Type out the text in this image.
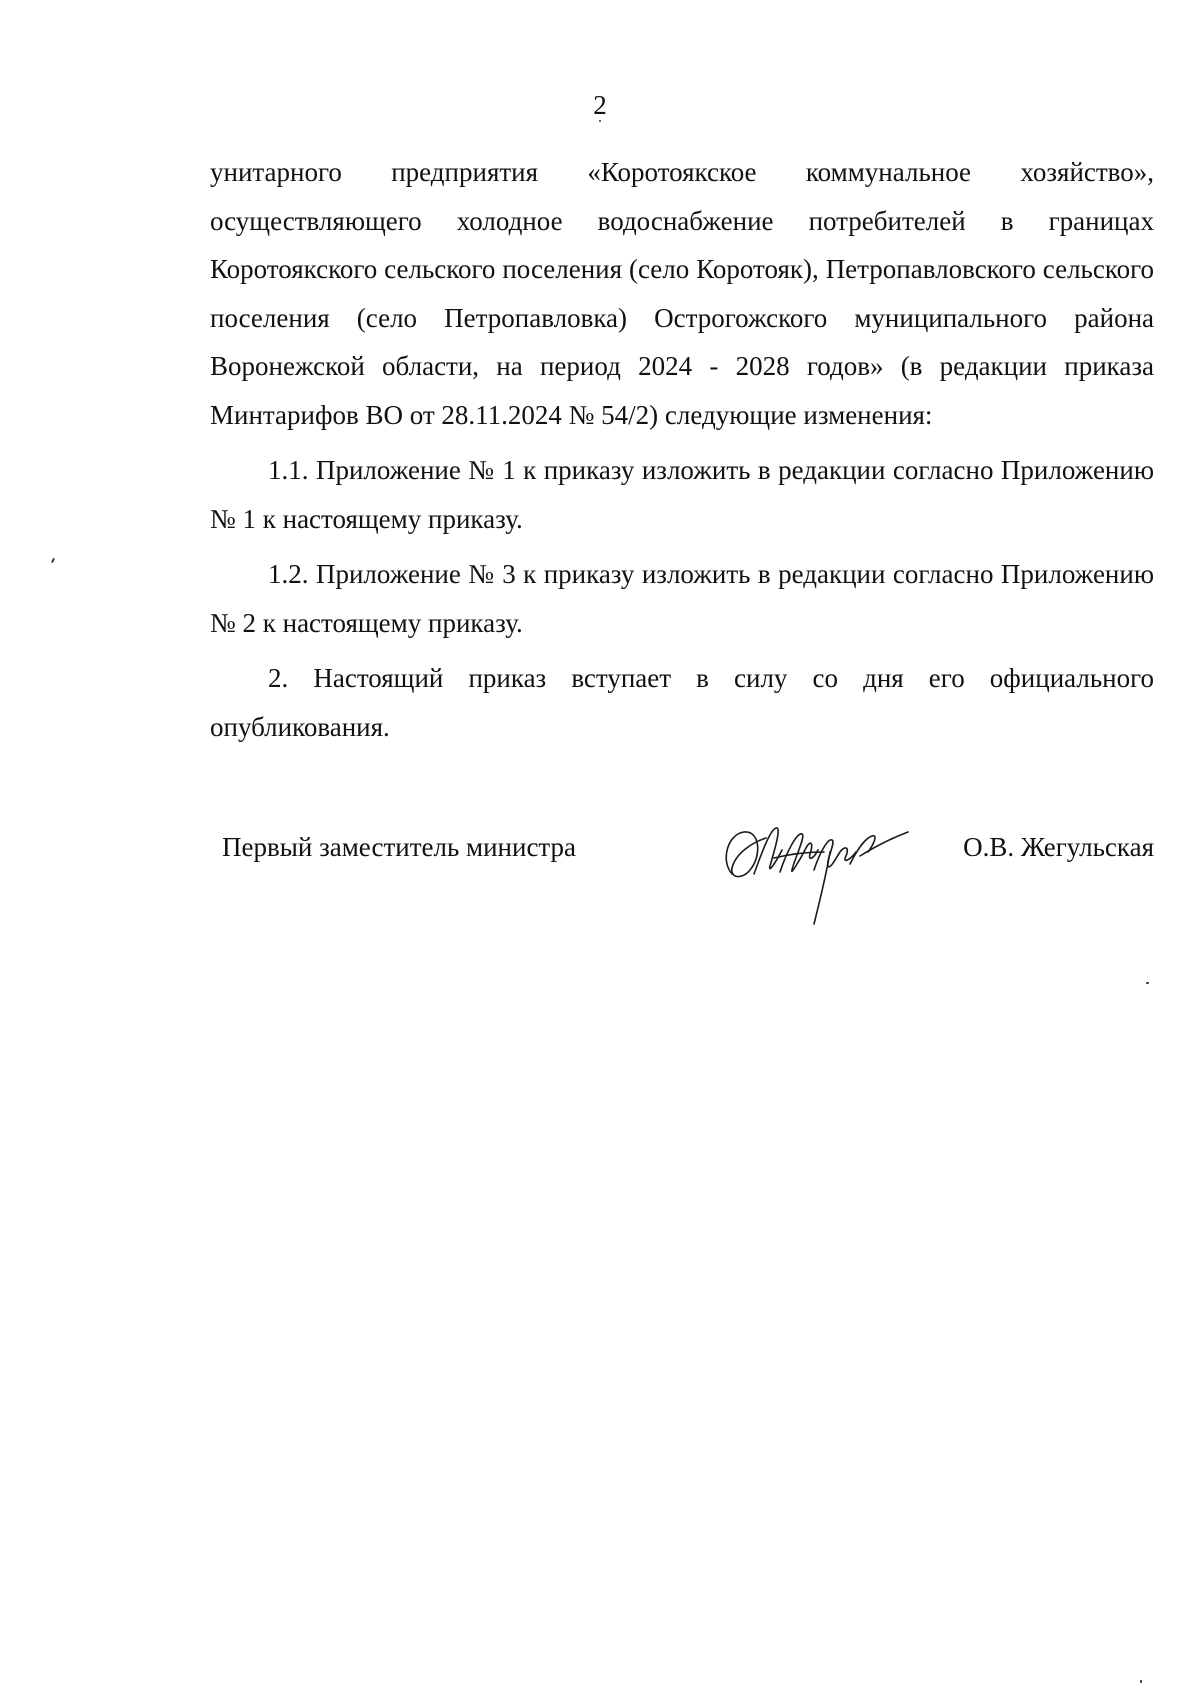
2

унитарного предприятия «Коротоякское коммунальное хозяйство», осуществляющего холодное водоснабжение потребителей в границах Коротоякского сельского поселения (село Коротояк), Петропавловского сельского поселения (село Петропавловка) Острогожского муниципального района Воронежской области, на период 2024 - 2028 годов» (в редакции приказа Минтарифов ВО от 28.11.2024 № 54/2) следующие изменения:

1.1. Приложение № 1 к приказу изложить в редакции согласно Приложению № 1 к настоящему приказу.

1.2. Приложение № 3 к приказу изложить в редакции согласно Приложению № 2 к настоящему приказу.

2. Настоящий приказ вступает в силу со дня его официального опубликования.

Первый заместитель министра	О.В. Жегульская
